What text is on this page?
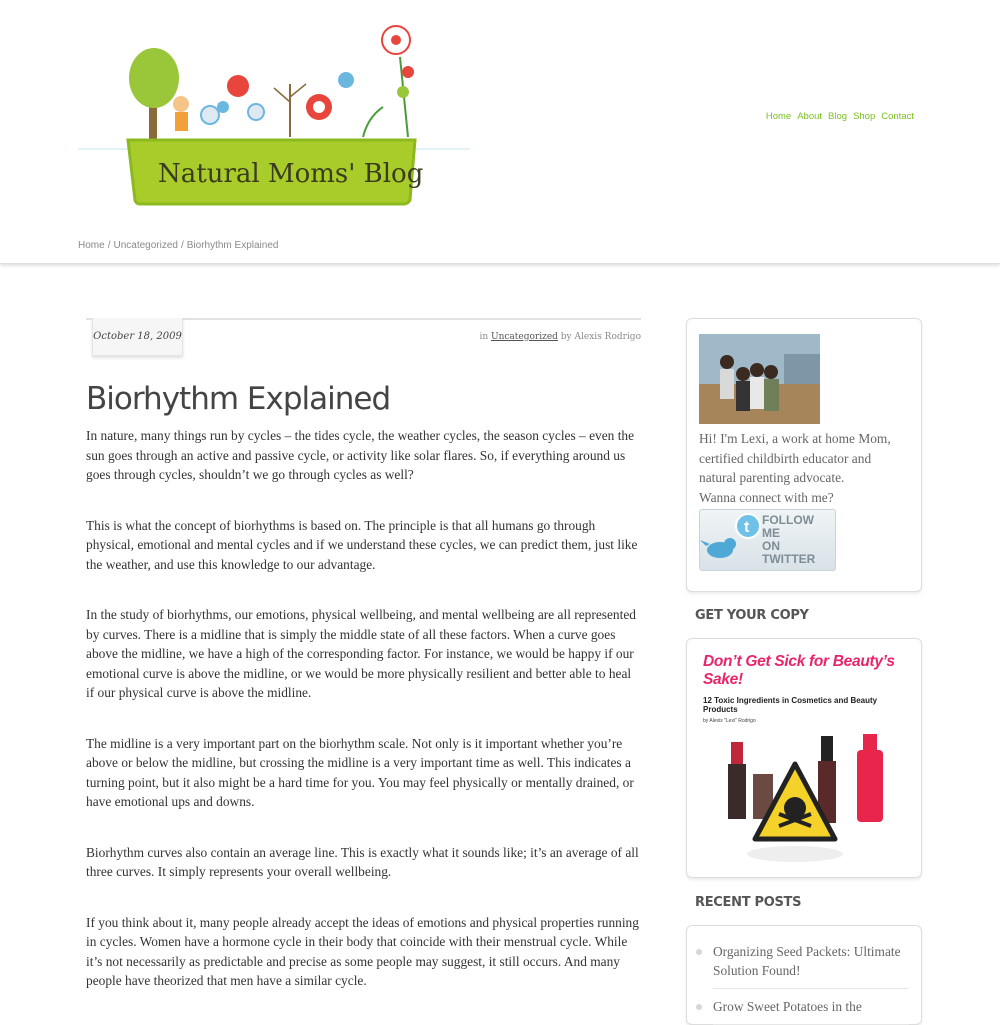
Natural Moms' Blog
Home About Blog Shop Contact
Home / Uncategorized / Biorhythm Explained
October 18, 2009	in Uncategorized by Alexis Rodrigo
Biorhythm Explained

In nature, many things run by cycles – the tides cycle, the weather cycles, the season cycles – even the sun goes through an active and passive cycle, or activity like solar flares. So, if everything around us goes through cycles, shouldn’t we go through cycles as well?

This is what the concept of biorhythms is based on. The principle is that all humans go through physical, emotional and mental cycles and if we understand these cycles, we can predict them, just like the weather, and use this knowledge to our advantage.

In the study of biorhythms, our emotions, physical wellbeing, and mental wellbeing are all represented by curves. There is a midline that is simply the middle state of all these factors. When a curve goes above the midline, we have a high of the corresponding factor. For instance, we would be happy if our emotional curve is above the midline, or we would be more physically resilient and better able to heal if our physical curve is above the midline.

The midline is a very important part on the biorhythm scale. Not only is it important whether you’re above or below the midline, but crossing the midline is a very important time as well. This indicates a turning point, but it also might be a hard time for you. You may feel physically or mentally drained, or have emotional ups and downs.

Biorhythm curves also contain an average line. This is exactly what it sounds like; it’s an average of all three curves. It simply represents your overall wellbeing.

If you think about it, many people already accept the ideas of emotions and physical properties running in cycles. Women have a hormone cycle in their body that coincide with their menstrual cycle. While it’s not necessarily as predictable and precise as some people may suggest, it still occurs. And many people have theorized that men have a similar cycle.

Hi! I'm Lexi, a work at home Mom,
certified childbirth educator and
natural parenting advocate.
Wanna connect with me?
t FOLLOW ME
ON TWITTER
GET YOUR COPY
Don’t Get Sick for Beauty’s Sake!
12 Toxic Ingredients in Cosmetics and Beauty Products
by Alexis "Lexi" Rodrigo
RECENT POSTS
Organizing Seed Packets: Ultimate Solution Found!
Grow Sweet Potatoes in the
